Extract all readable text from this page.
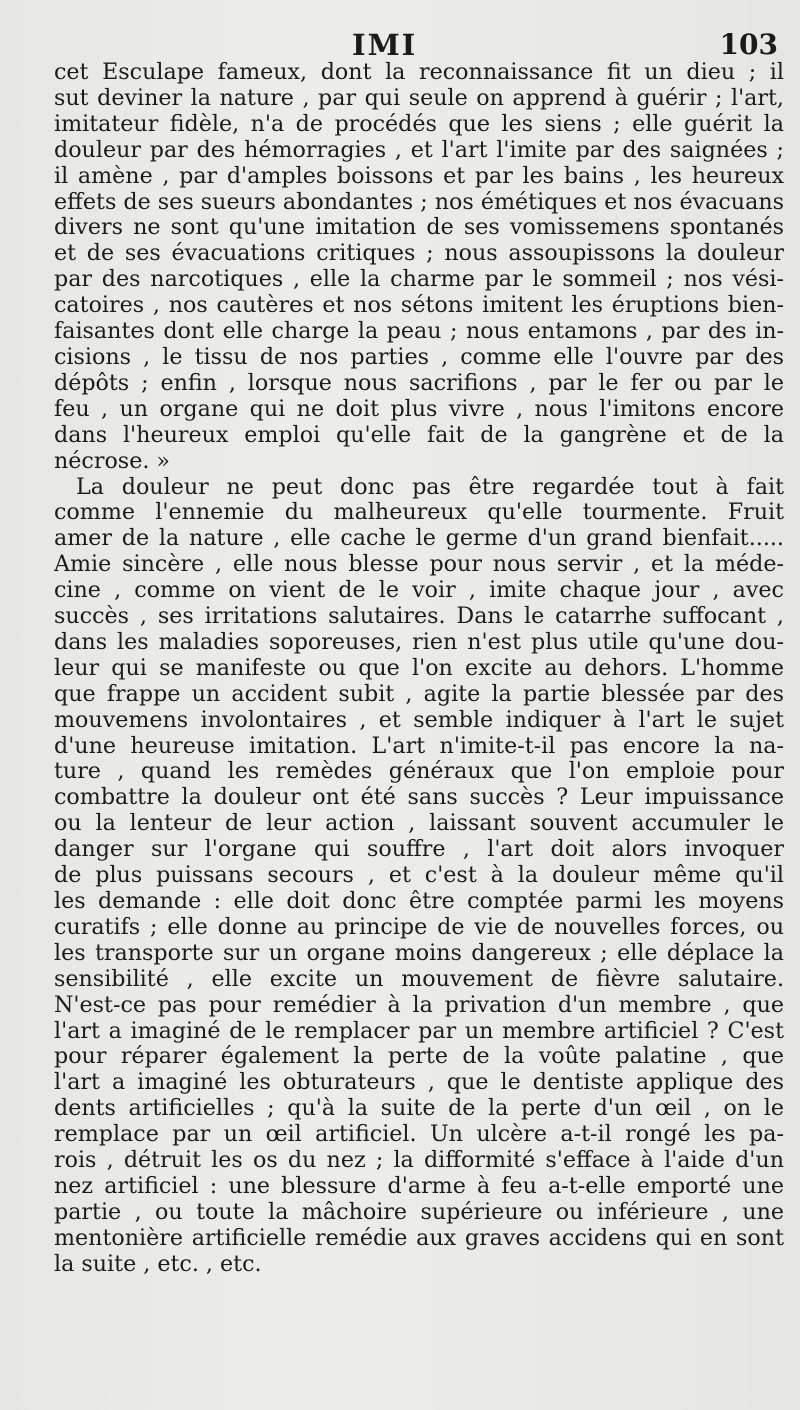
IMI	103
cet Esculape fameux, dont la reconnaissance fit un dieu ; il
sut deviner la nature , par qui seule on apprend à guérir ; l'art,
imitateur fidèle, n'a de procédés que les siens ; elle guérit la
douleur par des hémorragies , et l'art l'imite par des saignées ;
il amène , par d'amples boissons et par les bains , les heureux
effets de ses sueurs abondantes ; nos émétiques et nos évacuans
divers ne sont qu'une imitation de ses vomissemens spontanés
et de ses évacuations critiques ; nous assoupissons la douleur
par des narcotiques , elle la charme par le sommeil ; nos vési-
catoires , nos cautères et nos sétons imitent les éruptions bien-
faisantes dont elle charge la peau ; nous entamons , par des in-
cisions , le tissu de nos parties , comme elle l'ouvre par des
dépôts ; enfin , lorsque nous sacrifions , par le fer ou par le
feu , un organe qui ne doit plus vivre , nous l'imitons encore
dans l'heureux emploi qu'elle fait de la gangrène et de la
nécrose. »
La douleur ne peut donc pas être regardée tout à fait
comme l'ennemie du malheureux qu'elle tourmente. Fruit
amer de la nature , elle cache le germe d'un grand bienfait.....
Amie sincère , elle nous blesse pour nous servir , et la méde-
cine , comme on vient de le voir , imite chaque jour , avec
succès , ses irritations salutaires. Dans le catarrhe suffocant ,
dans les maladies soporeuses, rien n'est plus utile qu'une dou-
leur qui se manifeste ou que l'on excite au dehors. L'homme
que frappe un accident subit , agite la partie blessée par des
mouvemens involontaires , et semble indiquer à l'art le sujet
d'une heureuse imitation. L'art n'imite-t-il pas encore la na-
ture , quand les remèdes généraux que l'on emploie pour
combattre la douleur ont été sans succès ? Leur impuissance
ou la lenteur de leur action , laissant souvent accumuler le
danger sur l'organe qui souffre , l'art doit alors invoquer
de plus puissans secours , et c'est à la douleur même qu'il
les demande : elle doit donc être comptée parmi les moyens
curatifs ; elle donne au principe de vie de nouvelles forces, ou
les transporte sur un organe moins dangereux ; elle déplace la
sensibilité , elle excite un mouvement de fièvre salutaire.
N'est-ce pas pour remédier à la privation d'un membre , que
l'art a imaginé de le remplacer par un membre artificiel ? C'est
pour réparer également la perte de la voûte palatine , que
l'art a imaginé les obturateurs , que le dentiste applique des
dents artificielles ; qu'à la suite de la perte d'un œil , on le
remplace par un œil artificiel. Un ulcère a-t-il rongé les pa-
rois , détruit les os du nez ; la difformité s'efface à l'aide d'un
nez artificiel : une blessure d'arme à feu a-t-elle emporté une
partie , ou toute la mâchoire supérieure ou inférieure , une
mentonière artificielle remédie aux graves accidens qui en sont
la suite , etc. , etc.
